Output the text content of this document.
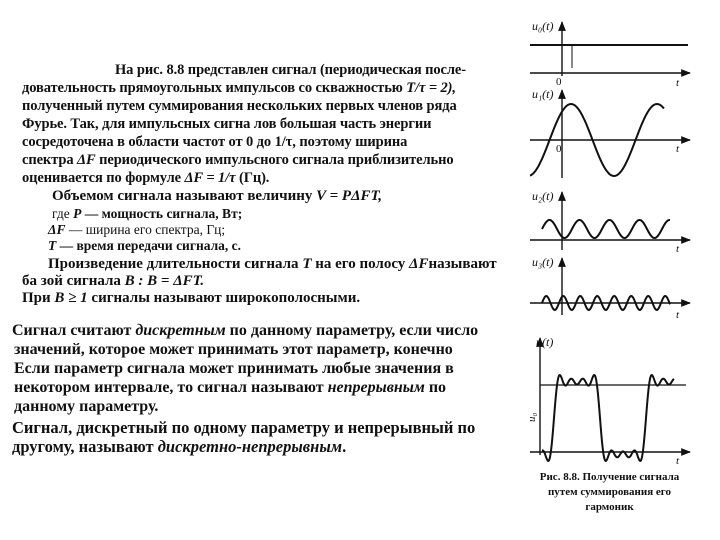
На рис. 8.8 представлен сигнал (периодическая после-
довательность прямоугольных импульсов со скважностью T/τ = 2),
полученный путем суммирования нескольких первых членов ряда
Фурье. Так, для импульсных сигна лов большая часть энергии
сосредоточена в области частот от 0 до 1/τ, поэтому ширина
спектра ΔF периодического импульсного сигнала приблизительно
оценивается по формуле ΔF = 1/τ (Гц).
Объемом сигнала называют величину V = PΔFT,
где P — мощность сигнала, Вт;
ΔF — ширина его спектра, Гц;
T — время передачи сигнала, с.
Произведение длительности сигнала T на его полосу ΔFназывают
ба зой сигнала B : B = ΔFT.
При B ≥ 1 сигналы называют широкополосными.
Сигнал считают дискретным по данному параметру, если число
значений, которое может принимать этот параметр, конечно
Если параметр сигнала может принимать любые значения в
некотором интервале, то сигнал называют непрерывным по
данному параметру.
Сигнал, дискретный по одному параметру и непрерывный по
другому, называют дискретно-непрерывным.
u₀(t)
0	t
u₁(t)
0	t
u₂(t)
t
u₃(t)
t
u(t)
u₀
t
Рис. 8.8. Получение сигнала
путем суммирования его
гармоник
